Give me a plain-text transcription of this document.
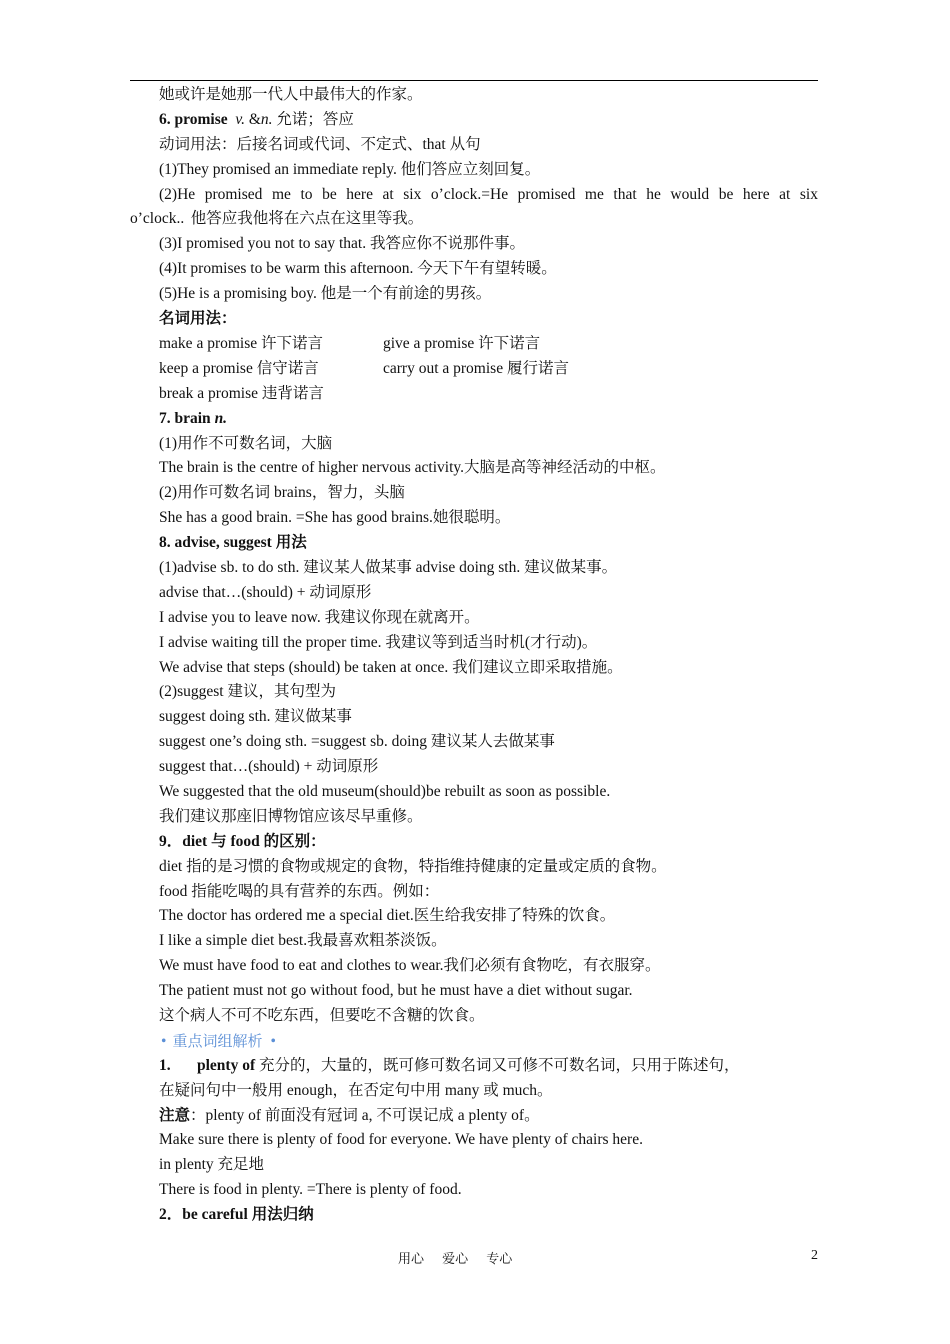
她或许是她那一代人中最伟大的作家。
6. promise v. &n. 允诺；答应
动词用法：后接名词或代词、不定式、that 从句
(1)They promised an immediate reply. 他们答应立刻回复。
(2)He promised me to be here at six o’clock.=He promised me that he would be here at six o’clock.. 他答应我他将在六点在这里等我。
(3)I promised you not to say that. 我答应你不说那件事。
(4)It promises to be warm this afternoon. 今天下午有望转暖。
(5)He is a promising boy. 他是一个有前途的男孩。
名词用法：
make a promise 许下诺言	give a promise 许下诺言
keep a promise 信守诺言	carry out a promise 履行诺言
break a promise 违背诺言
7. brain n.
(1)用作不可数名词，大脑
The brain is the centre of higher nervous activity.大脑是高等神经活动的中枢。
(2)用作可数名词 brains，智力，头脑
She has a good brain. =She has good brains.她很聪明。
8. advise, suggest 用法
(1)advise sb. to do sth. 建议某人做某事 advise doing sth. 建议做某事。
advise that…(should) + 动词原形
I advise you to leave now. 我建议你现在就离开。
I advise waiting till the proper time. 我建议等到适当时机(才行动)。
We advise that steps (should) be taken at once. 我们建议立即采取措施。
(2)suggest 建议，其句型为
suggest doing sth. 建议做某事
suggest one’s doing sth. =suggest sb. doing 建议某人去做某事
suggest that…(should) + 动词原形
We suggested that the old museum(should)be rebuilt as soon as possible.
我们建议那座旧博物馆应该尽早重修。
9．diet 与 food 的区别：
diet 指的是习惯的食物或规定的食物，特指维持健康的定量或定质的食物。
food 指能吃喝的具有营养的东西。例如：
The doctor has ordered me a special diet.医生给我安排了特殊的饮食。
I like a simple diet best.我最喜欢粗茶淡饭。
We must have food to eat and clothes to wear.我们必须有食物吃，有衣服穿。
The patient must not go without food, but he must have a diet without sugar.
这个病人不可不吃东西，但要吃不含糖的饮食。
• 重点词组解析 •
1. plenty of 充分的，大量的，既可修可数名词又可修不可数名词，只用于陈述句，
在疑问句中一般用 enough，在否定句中用 many 或 much。
注意：plenty of 前面没有冠词 a, 不可误记成 a plenty of。
Make sure there is plenty of food for everyone. We have plenty of chairs here.
in plenty 充足地
There is food in plenty. =There is plenty of food.
2．be careful 用法归纳
用心 爱心 专心	2
